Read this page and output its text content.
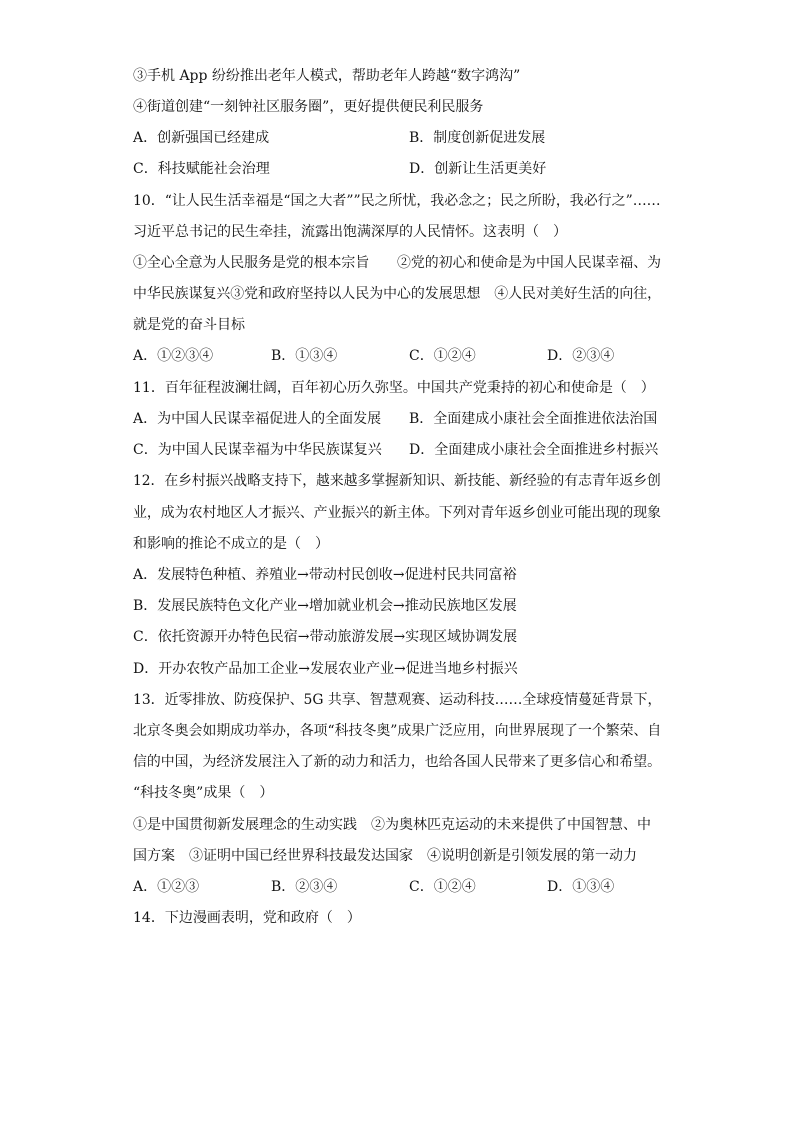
③手机 App 纷纷推出老年人模式，帮助老年人跨越“数字鸿沟”
④街道创建“一刻钟社区服务圈”，更好提供便民利民服务
A．创新强国已经建成	B．制度创新促进发展
C．科技赋能社会治理	D．创新让生活更美好
10．“让人民生活幸福是“国之大者””民之所忧，我必念之；民之所盼，我必行之”……
习近平总书记的民生牵挂，流露出饱满深厚的人民情怀。这表明（　）
①全心全意为人民服务是党的根本宗旨　　②党的初心和使命是为中国人民谋幸福、为
中华民族谋复兴③党和政府坚持以人民为中心的发展思想　④人民对美好生活的向往，
就是党的奋斗目标
A．①②③④	B．①③④	C．①②④	D．②③④
11．百年征程波澜壮阔，百年初心历久弥坚。中国共产党秉持的初心和使命是（　）
A．为中国人民谋幸福促进人的全面发展 B．全面建成小康社会全面推进依法治国
C．为中国人民谋幸福为中华民族谋复兴 D．全面建成小康社会全面推进乡村振兴
12．在乡村振兴战略支持下，越来越多掌握新知识、新技能、新经验的有志青年返乡创
业，成为农村地区人才振兴、产业振兴的新主体。下列对青年返乡创业可能出现的现象
和影响的推论不成立的是（　）
A．发展特色种植、养殖业→带动村民创收→促进村民共同富裕
B．发展民族特色文化产业→增加就业机会→推动民族地区发展
C．依托资源开办特色民宿→带动旅游发展→实现区域协调发展
D．开办农牧产品加工企业→发展农业产业→促进当地乡村振兴
13．近零排放、防疫保护、5G 共享、智慧观赛、运动科技……全球疫情蔓延背景下，
北京冬奥会如期成功举办，各项“科技冬奥”成果广泛应用，向世界展现了一个繁荣、自
信的中国，为经济发展注入了新的动力和活力，也给各国人民带来了更多信心和希望。
“科技冬奥”成果（　）
①是中国贯彻新发展理念的生动实践　②为奥林匹克运动的未来提供了中国智慧、中
国方案　③证明中国已经世界科技最发达国家　④说明创新是引领发展的第一动力
A．①②③	B．②③④	C．①②④	D．①③④
14．下边漫画表明，党和政府（　）
